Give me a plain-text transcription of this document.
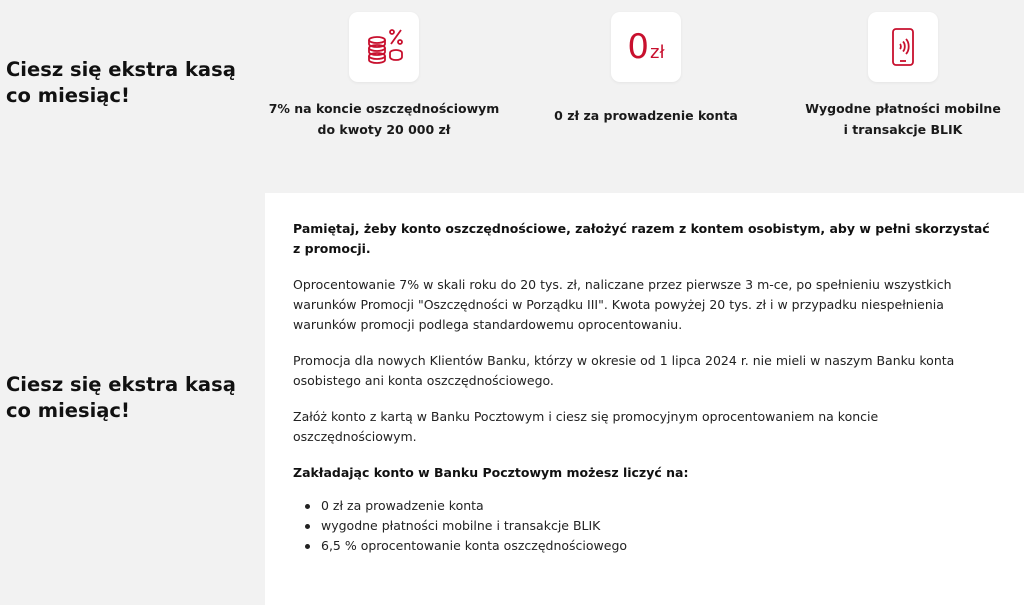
Ciesz się ekstra kasą co miesiąc!
7% na koncie oszczędnościowym
do kwoty 20 000 zł
0 zł
0 zł za prowadzenie konta	Wygodne płatności mobilne
i transakcje BLIK
Ciesz się ekstra kasą co miesiąc!

Pamiętaj, żeby konto oszczędnościowe, założyć razem z kontem osobistym, aby w pełni skorzystać z promocji.

Oprocentowanie 7% w skali roku do 20 tys. zł, naliczane przez pierwsze 3 m-ce, po spełnieniu wszystkich warunków Promocji "Oszczędności w Porządku III". Kwota powyżej 20 tys. zł i w przypadku niespełnienia warunków promocji podlega standardowemu oprocentowaniu.

Promocja dla nowych Klientów Banku, którzy w okresie od 1 lipca 2024 r. nie mieli w naszym Banku konta osobistego ani konta oszczędnościowego.

Załóż konto z kartą w Banku Pocztowym i ciesz się promocyjnym oprocentowaniem na koncie oszczędnościowym.

Zakładając konto w Banku Pocztowym możesz liczyć na:

0 zł za prowadzenie konta
wygodne płatności mobilne i transakcje BLIK
6,5 % oprocentowanie konta oszczędnościowego
